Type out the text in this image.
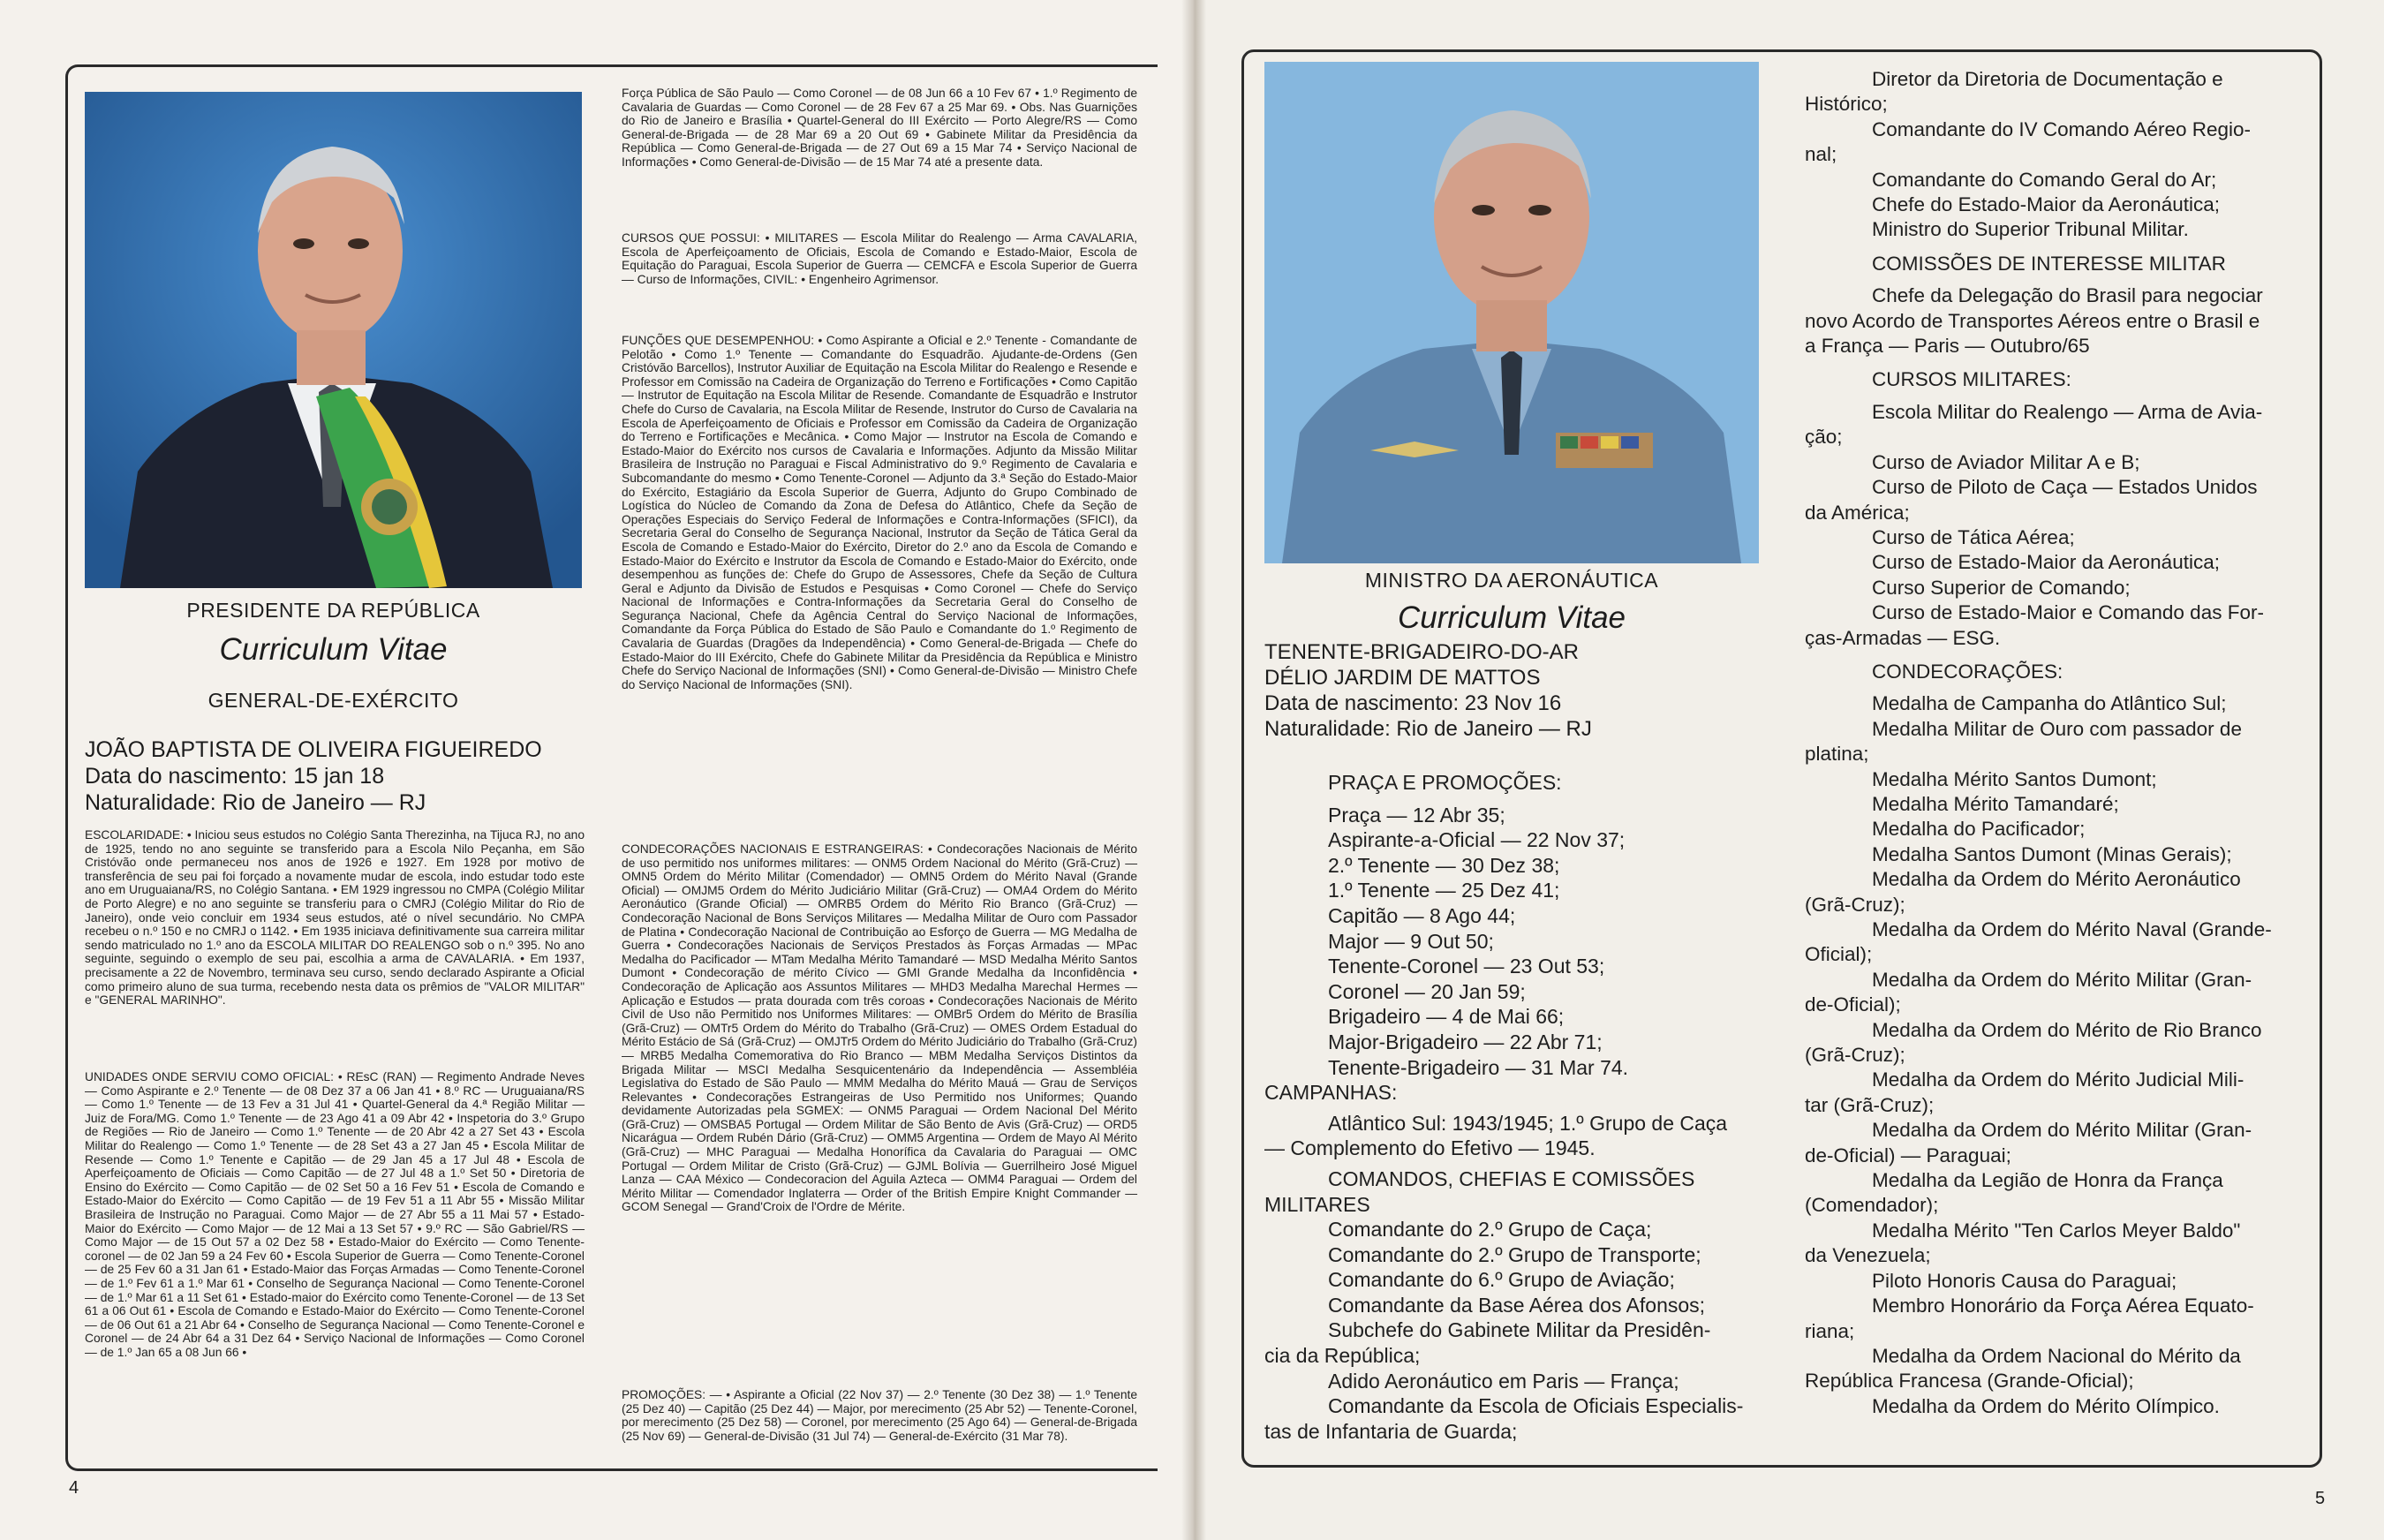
PRESIDENTE DA REPÚBLICA
Curriculum Vitae
GENERAL-DE-EXÉRCITO
JOÃO BAPTISTA DE OLIVEIRA FIGUEIREDO
Data do nascimento: 15 jan 18
Naturalidade: Rio de Janeiro — RJ
ESCOLARIDADE: • Iniciou seus estudos no Colégio Santa Therezinha, na Tijuca RJ, no ano de 1925, tendo no ano seguinte se transferido para a Escola Nilo Peçanha, em São Cristóvão onde permaneceu nos anos de 1926 e 1927. Em 1928 por motivo de transferência de seu pai foi forçado a novamente mudar de escola, indo estudar todo este ano em Uruguaiana/RS, no Colégio Santana. • EM 1929 ingressou no CMPA (Colégio Militar de Porto Alegre) e no ano seguinte se transferiu para o CMRJ (Colégio Militar do Rio de Janeiro), onde veio concluir em 1934 seus estudos, até o nível secundário. No CMPA recebeu o n.º 150 e no CMRJ o 1142. • Em 1935 iniciava definitivamente sua carreira militar sendo matriculado no 1.º ano da ESCOLA MILITAR DO REALENGO sob o n.º 395. No ano seguinte, seguindo o exemplo de seu pai, escolhia a arma de CAVALARIA. • Em 1937, precisamente a 22 de Novembro, terminava seu curso, sendo declarado Aspirante a Oficial como primeiro aluno de sua turma, recebendo nesta data os prêmios de "VALOR MILITAR" e "GENERAL MARINHO".
UNIDADES ONDE SERVIU COMO OFICIAL: • REsC (RAN) — Regimento Andrade Neves — Como Aspirante e 2.º Tenente — de 08 Dez 37 a 06 Jan 41 • 8.º RC — Uruguaiana/RS — Como 1.º Tenente — de 13 Fev a 31 Jul 41 • Quartel-General da 4.ª Região Militar — Juiz de Fora/MG. Como 1.º Tenente — de 23 Ago 41 a 09 Abr 42 • Inspetoria do 3.º Grupo de Regiões — Rio de Janeiro — Como 1.º Tenente — de 20 Abr 42 a 27 Set 43 • Escola Militar do Realengo — Como 1.º Tenente — de 28 Set 43 a 27 Jan 45 • Escola Militar de Resende — Como 1.º Tenente e Capitão — de 29 Jan 45 a 17 Jul 48 • Escola de Aperfeiçoamento de Oficiais — Como Capitão — de 27 Jul 48 a 1.º Set 50 • Diretoria de Ensino do Exército — Como Capitão — de 02 Set 50 a 16 Fev 51 • Escola de Comando e Estado-Maior do Exército — Como Capitão — de 19 Fev 51 a 11 Abr 55 • Missão Militar Brasileira de Instrução no Paraguai. Como Major — de 27 Abr 55 a 11 Mai 57 • Estado-Maior do Exército — Como Major — de 12 Mai a 13 Set 57 • 9.º RC — São Gabriel/RS — Como Major — de 15 Out 57 a 02 Dez 58 • Estado-Maior do Exército — Como Tenente-coronel — de 02 Jan 59 a 24 Fev 60 • Escola Superior de Guerra — Como Tenente-Coronel — de 25 Fev 60 a 31 Jan 61 • Estado-Maior das Forças Armadas — Como Tenente-Coronel — de 1.º Fev 61 a 1.º Mar 61 • Conselho de Segurança Nacional — Como Tenente-Coronel — de 1.º Mar 61 a 11 Set 61 • Estado-maior do Exército como Tenente-Coronel — de 13 Set 61 a 06 Out 61 • Escola de Comando e Estado-Maior do Exército — Como Tenente-Coronel — de 06 Out 61 a 21 Abr 64 • Conselho de Segurança Nacional — Como Tenente-Coronel e Coronel — de 24 Abr 64 a 31 Dez 64 • Serviço Nacional de Informações — Como Coronel — de 1.º Jan 65 a 08 Jun 66 •
Força Pública de São Paulo — Como Coronel — de 08 Jun 66 a 10 Fev 67 • 1.º Regimento de Cavalaria de Guardas — Como Coronel — de 28 Fev 67 a 25 Mar 69. • Obs. Nas Guarnições do Rio de Janeiro e Brasília • Quartel-General do III Exército — Porto Alegre/RS — Como General-de-Brigada — de 28 Mar 69 a 20 Out 69 • Gabinete Militar da Presidência da República — Como General-de-Brigada — de 27 Out 69 a 15 Mar 74 • Serviço Nacional de Informações • Como General-de-Divisão — de 15 Mar 74 até a presente data.
CURSOS QUE POSSUI: • MILITARES — Escola Militar do Realengo — Arma CAVALARIA, Escola de Aperfeiçoamento de Oficiais, Escola de Comando e Estado-Maior, Escola de Equitação do Paraguai, Escola Superior de Guerra — CEMCFA e Escola Superior de Guerra — Curso de Informações, CIVIL: • Engenheiro Agrimensor.
FUNÇÕES QUE DESEMPENHOU: • Como Aspirante a Oficial e 2.º Tenente - Comandante de Pelotão • Como 1.º Tenente — Comandante do Esquadrão. Ajudante-de-Ordens (Gen Cristóvão Barcellos), Instrutor Auxiliar de Equitação na Escola Militar do Realengo e Resende e Professor em Comissão na Cadeira de Organização do Terreno e Fortificações • Como Capitão — Instrutor de Equitação na Escola Militar de Resende. Comandante de Esquadrão e Instrutor Chefe do Curso de Cavalaria, na Escola Militar de Resende, Instrutor do Curso de Cavalaria na Escola de Aperfeiçoamento de Oficiais e Professor em Comissão da Cadeira de Organização do Terreno e Fortificações e Mecânica. • Como Major — Instrutor na Escola de Comando e Estado-Maior do Exército nos cursos de Cavalaria e Informações. Adjunto da Missão Militar Brasileira de Instrução no Paraguai e Fiscal Administrativo do 9.º Regimento de Cavalaria e Subcomandante do mesmo • Como Tenente-Coronel — Adjunto da 3.ª Seção do Estado-Maior do Exército, Estagiário da Escola Superior de Guerra, Adjunto do Grupo Combinado de Logística do Núcleo de Comando da Zona de Defesa do Atlântico, Chefe da Seção de Operações Especiais do Serviço Federal de Informações e Contra-Informações (SFICI), da Secretaria Geral do Conselho de Segurança Nacional, Instrutor da Seção de Tática Geral da Escola de Comando e Estado-Maior do Exército, Diretor do 2.º ano da Escola de Comando e Estado-Maior do Exército e Instrutor da Escola de Comando e Estado-Maior do Exército, onde desempenhou as funções de: Chefe do Grupo de Assessores, Chefe da Seção de Cultura Geral e Adjunto da Divisão de Estudos e Pesquisas • Como Coronel — Chefe do Serviço Nacional de Informações e Contra-Informações da Secretaria Geral do Conselho de Segurança Nacional, Chefe da Agência Central do Serviço Nacional de Informações, Comandante da Força Pública do Estado de São Paulo e Comandante do 1.º Regimento de Cavalaria de Guardas (Dragões da Independência) • Como General-de-Brigada — Chefe do Estado-Maior do III Exército, Chefe do Gabinete Militar da Presidência da República e Ministro Chefe do Serviço Nacional de Informações (SNI) • Como General-de-Divisão — Ministro Chefe do Serviço Nacional de Informações (SNI).
CONDECORAÇÕES NACIONAIS E ESTRANGEIRAS: • Condecorações Nacionais de Mérito de uso permitido nos uniformes militares: — ONM5 Ordem Nacional do Mérito (Grã-Cruz) — OMN5 Ordem do Mérito Militar (Comendador) — OMN5 Ordem do Mérito Naval (Grande Oficial) — OMJM5 Ordem do Mérito Judiciário Militar (Grã-Cruz) — OMA4 Ordem do Mérito Aeronáutico (Grande Oficial) — OMRB5 Ordem do Mérito Rio Branco (Grã-Cruz) — Condecoração Nacional de Bons Serviços Militares — Medalha Militar de Ouro com Passador de Platina • Condecoração Nacional de Contribuição ao Esforço de Guerra — MG Medalha de Guerra • Condecorações Nacionais de Serviços Prestados às Forças Armadas — MPac Medalha do Pacificador — MTam Medalha Mérito Tamandaré — MSD Medalha Mérito Santos Dumont • Condecoração de mérito Cívico — GMI Grande Medalha da Inconfidência • Condecoração de Aplicação aos Assuntos Militares — MHD3 Medalha Marechal Hermes — Aplicação e Estudos — prata dourada com três coroas • Condecorações Nacionais de Mérito Civil de Uso não Permitido nos Uniformes Militares: — OMBr5 Ordem do Mérito de Brasília (Grã-Cruz) — OMTr5 Ordem do Mérito do Trabalho (Grã-Cruz) — OMES Ordem Estadual do Mérito Estácio de Sá (Grã-Cruz) — OMJTr5 Ordem do Mérito Judiciário do Trabalho (Grã-Cruz) — MRB5 Medalha Comemorativa do Rio Branco — MBM Medalha Serviços Distintos da Brigada Militar — MSCI Medalha Sesquicentenário da Independência — Assembléia Legislativa do Estado de São Paulo — MMM Medalha do Mérito Mauá — Grau de Serviços Relevantes • Condecorações Estrangeiras de Uso Permitido nos Uniformes; Quando devidamente Autorizadas pela SGMEX: — ONM5 Paraguai — Ordem Nacional Del Mérito (Grã-Cruz) — OMSBA5 Portugal — Ordem Militar de São Bento de Avis (Grã-Cruz) — ORD5 Nicarágua — Ordem Rubén Dário (Grã-Cruz) — OMM5 Argentina — Ordem de Mayo Al Mérito (Grã-Cruz) — MHC Paraguai — Medalha Honorífica da Cavalaria do Paraguai — OMC Portugal — Ordem Militar de Cristo (Grã-Cruz) — GJML Bolívia — Guerrilheiro José Miguel Lanza — CAA México — Condecoracion del Aguila Azteca — OMM4 Paraguai — Ordem del Mérito Militar — Comendador Inglaterra — Order of the British Empire Knight Commander — GCOM Senegal — Grand'Croix de l'Ordre de Mérite.
PROMOÇÕES: — • Aspirante a Oficial (22 Nov 37) — 2.º Tenente (30 Dez 38) — 1.º Tenente (25 Dez 40) — Capitão (25 Dez 44) — Major, por merecimento (25 Abr 52) — Tenente-Coronel, por merecimento (25 Dez 58) — Coronel, por merecimento (25 Ago 64) — General-de-Brigada (25 Nov 69) — General-de-Divisão (31 Jul 74) — General-de-Exército (31 Mar 78).
4
MINISTRO DA AERONÁUTICA
Curriculum Vitae
TENENTE-BRIGADEIRO-DO-AR
DÉLIO JARDIM DE MATTOS
Data de nascimento: 23 Nov 16
Naturalidade: Rio de Janeiro — RJ

PRAÇA E PROMOÇÕES:

Praça — 12 Abr 35;

Aspirante-a-Oficial — 22 Nov 37;

2.º Tenente — 30 Dez 38;

1.º Tenente — 25 Dez 41;

Capitão — 8 Ago 44;

Major — 9 Out 50;

Tenente-Coronel — 23 Out 53;

Coronel — 20 Jan 59;

Brigadeiro — 4 de Mai 66;

Major-Brigadeiro — 22 Abr 71;

Tenente-Brigadeiro — 31 Mar 74.

CAMPANHAS:

Atlântico Sul: 1943/1945; 1.º Grupo de Caça

— Complemento do Efetivo — 1945.

COMANDOS, CHEFIAS E COMISSÕES

MILITARES

Comandante do 2.º Grupo de Caça;

Comandante do 2.º Grupo de Transporte;

Comandante do 6.º Grupo de Aviação;

Comandante da Base Aérea dos Afonsos;

Subchefe do Gabinete Militar da Presidên-

cia da República;

Adido Aeronáutico em Paris — França;

Comandante da Escola de Oficiais Especialis-

tas de Infantaria de Guarda;

Diretor da Diretoria de Documentação e

Histórico;

Comandante do IV Comando Aéreo Regio-

nal;

Comandante do Comando Geral do Ar;

Chefe do Estado-Maior da Aeronáutica;

Ministro do Superior Tribunal Militar.

COMISSÕES DE INTERESSE MILITAR

Chefe da Delegação do Brasil para negociar

novo Acordo de Transportes Aéreos entre o Brasil e

a França — Paris — Outubro/65

CURSOS MILITARES:

Escola Militar do Realengo — Arma de Avia-

ção;

Curso de Aviador Militar A e B;

Curso de Piloto de Caça — Estados Unidos

da América;

Curso de Tática Aérea;

Curso de Estado-Maior da Aeronáutica;

Curso Superior de Comando;

Curso de Estado-Maior e Comando das For-

ças-Armadas — ESG.

CONDECORAÇÕES:

Medalha de Campanha do Atlântico Sul;

Medalha Militar de Ouro com passador de

platina;

Medalha Mérito Santos Dumont;

Medalha Mérito Tamandaré;

Medalha do Pacificador;

Medalha Santos Dumont (Minas Gerais);

Medalha da Ordem do Mérito Aeronáutico

(Grã-Cruz);

Medalha da Ordem do Mérito Naval (Grande-

Oficial);

Medalha da Ordem do Mérito Militar (Gran-

de-Oficial);

Medalha da Ordem do Mérito de Rio Branco

(Grã-Cruz);

Medalha da Ordem do Mérito Judicial Mili-

tar (Grã-Cruz);

Medalha da Ordem do Mérito Militar (Gran-

de-Oficial) — Paraguai;

Medalha da Legião de Honra da França

(Comendador);

Medalha Mérito "Ten Carlos Meyer Baldo"

da Venezuela;

Piloto Honoris Causa do Paraguai;

Membro Honorário da Força Aérea Equato-

riana;

Medalha da Ordem Nacional do Mérito da

República Francesa (Grande-Oficial);

Medalha da Ordem do Mérito Olímpico.

5
